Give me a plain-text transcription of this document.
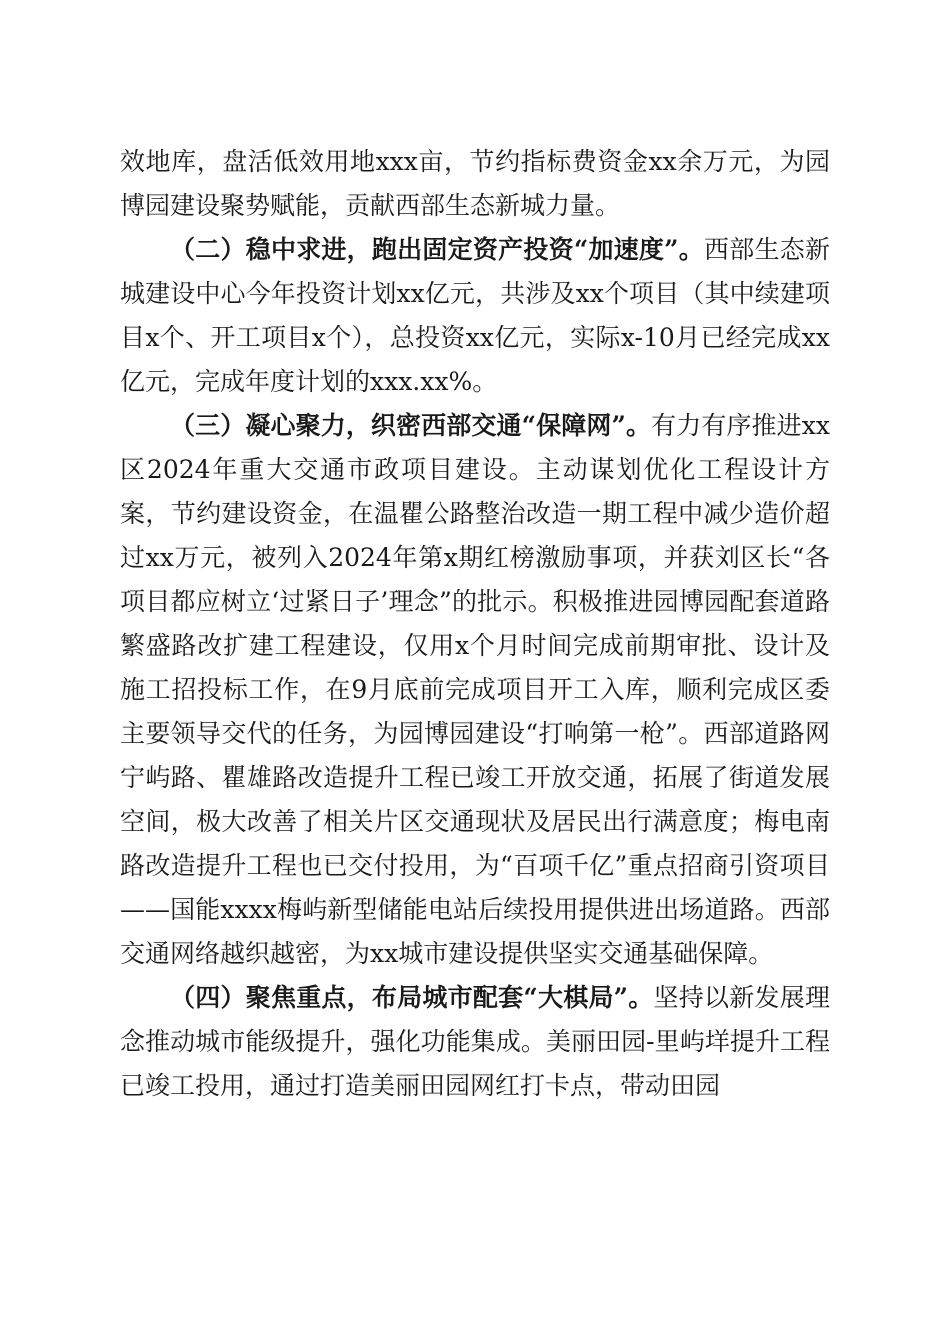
效地库，盘活低效用地xxx亩，节约指标费资金xx余万元，为园博园建设聚势赋能，贡献西部生态新城力量。

（二）稳中求进，跑出固定资产投资“加速度”。西部生态新城建设中心今年投资计划xx亿元，共涉及xx个项目（其中续建项目x个、开工项目x个），总投资xx亿元，实际x-10月已经完成xx亿元，完成年度计划的xxx.xx%。

（三）凝心聚力，织密西部交通“保障网”。有力有序推进xx区2024年重大交通市政项目建设。主动谋划优化工程设计方案，节约建设资金，在温瞿公路整治改造一期工程中减少造价超过xx万元，被列入2024年第x期红榜激励事项，并获刘区长“各项目都应树立‘过紧日子’理念”的批示。积极推进园博园配套道路繁盛路改扩建工程建设，仅用x个月时间完成前期审批、设计及施工招投标工作，在9月底前完成项目开工入库，顺利完成区委主要领导交代的任务，为园博园建设“打响第一枪”。西部道路网宁屿路、瞿雄路改造提升工程已竣工开放交通，拓展了街道发展空间，极大改善了相关片区交通现状及居民出行满意度；梅电南路改造提升工程也已交付投用，为“百项千亿”重点招商引资项目——国能xxxx梅屿新型储能电站后续投用提供进出场道路。西部交通网络越织越密，为xx城市建设提供坚实交通基础保障。

（四）聚焦重点，布局城市配套“大棋局”。坚持以新发展理念推动城市能级提升，强化功能集成。美丽田园-里屿垟提升工程已竣工投用，通过打造美丽田园网红打卡点，带动田园
